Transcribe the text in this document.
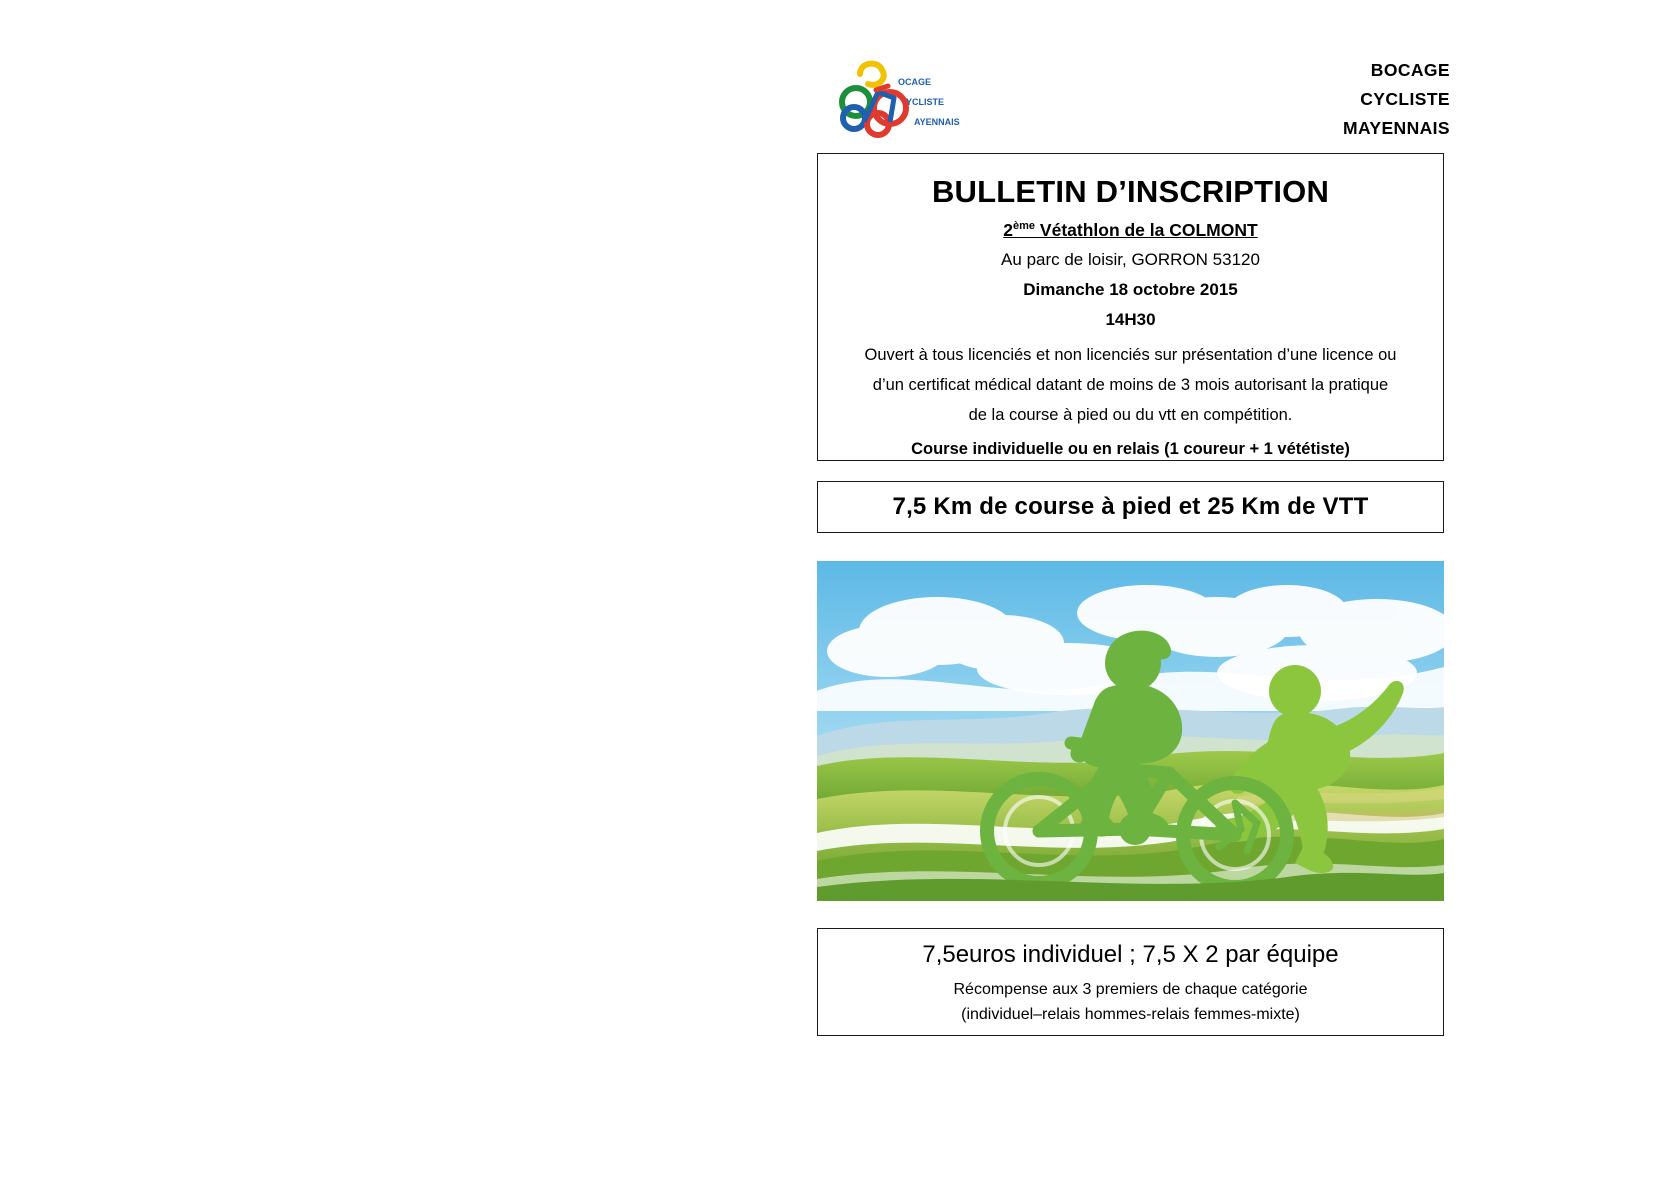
OCAGE
YCLISTE
AYENNAIS
BOCAGE
CYCLISTE
MAYENNAIS
BULLETIN D’INSCRIPTION
2ème Vétathlon de la COLMONT
Au parc de loisir, GORRON 53120
Dimanche 18 octobre 2015
14H30
Ouvert à tous licenciés et non licenciés sur présentation d’une licence ou
d’un certificat médical datant de moins de 3 mois autorisant la pratique
de la course à pied ou du vtt en compétition.
Course individuelle ou en relais (1 coureur + 1 vététiste)
7,5 Km de course à pied et 25 Km de VTT
7,5euros individuel ; 7,5 X 2 par équipe
Récompense aux 3 premiers de chaque catégorie
(individuel–relais hommes-relais femmes-mixte)
